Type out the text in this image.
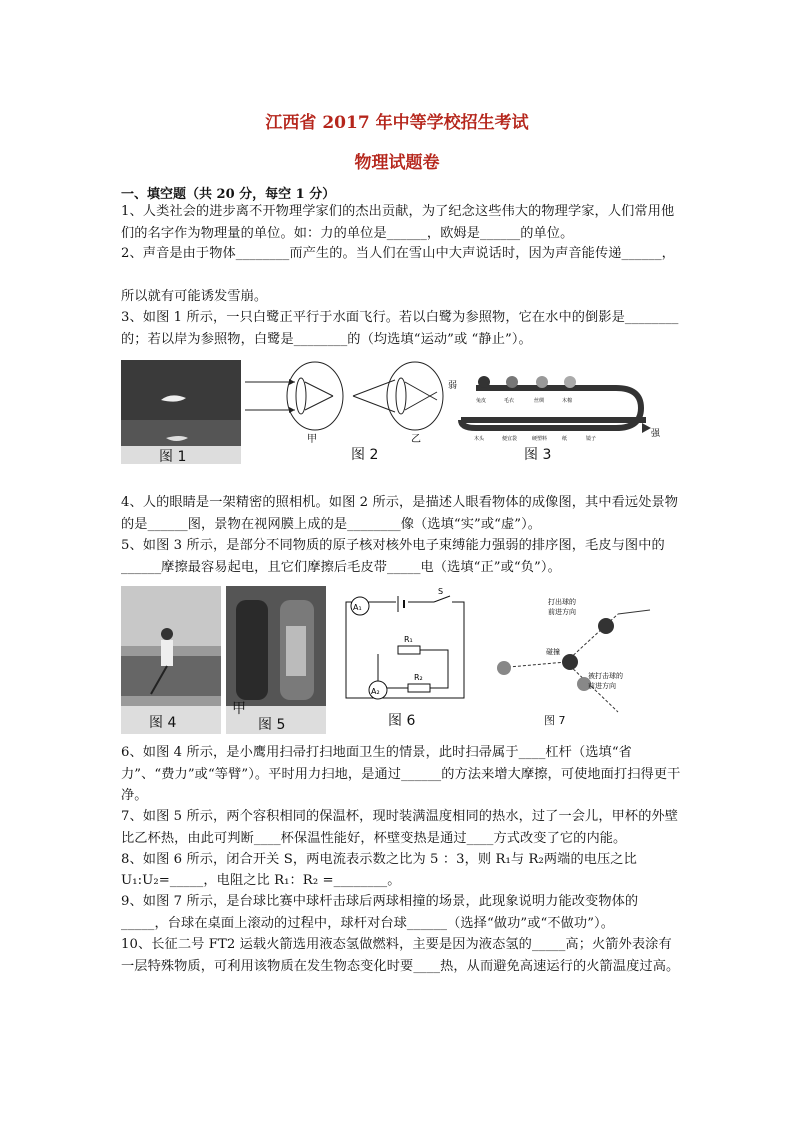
江西省 2017 年中等学校招生考试
物理试题卷
一、填空题（共 20 分，每空 1 分）
1、人类社会的进步离不开物理学家们的杰出贡献，为了纪念这些伟大的物理学家，人们常用他们的名字作为物理量的单位。如：力的单位是______，欧姆是______的单位。
2、声音是由于物体________而产生的。当人们在雪山中大声说话时，因为声音能传递______，
所以就有可能诱发雪崩。
3、如图 1 所示，一只白鹭正平行于水面飞行。若以白鹭为参照物，它在水中的倒影是________的；若以岸为参照物，白鹭是________的（均选填“运动”或 “静止”）。
图 1
甲	乙
图 2
弱
强
兔皮	毛衣	丝绸	木棉
木头	便宜袋	硬塑料	纸	镜子
图 3
4、人的眼睛是一架精密的照相机。如图 2 所示，是描述人眼看物体的成像图，其中看远处景物的是______图，景物在视网膜上成的是________像（选填“实”或“虚”）。
5、如图 3 所示，是部分不同物质的原子核对核外电子束缚能力强弱的排序图，毛皮与图中的______摩擦最容易起电，且它们摩擦后毛皮带_____电（选填“正”或“负”）。
图 4
甲
图 5
A₁
S
R₁
A₂
R₂
图 6
打出球的
前进方向
碰撞
被打击球的
前进方向
图 7
6、如图 4 所示，是小鹰用扫帚打扫地面卫生的情景，此时扫帚属于____杠杆（选填“省力”、“费力”或“等臂”）。平时用力扫地，是通过______的方法来增大摩擦，可使地面打扫得更干净。
7、如图 5 所示，两个容积相同的保温杯，现时装满温度相同的热水，过了一会儿，甲杯的外壁比乙杯热，由此可判断____杯保温性能好，杯壁变热是通过____方式改变了它的内能。
8、如图 6 所示，闭合开关 S，两电流表示数之比为 5 ：3，则 R₁与 R₂两端的电压之比
U₁:U₂=_____，电阻之比 R₁：R₂ =________。
9、如图 7 所示，是台球比赛中球杆击球后两球相撞的场景，此现象说明力能改变物体的_____，台球在桌面上滚动的过程中，球杆对台球______（选择“做功”或“不做功”）。
10、长征二号 FT2 运载火箭选用液态氢做燃料，主要是因为液态氢的_____高；火箭外表涂有一层特殊物质，可利用该物质在发生物态变化时要____热，从而避免高速运行的火箭温度过高。
